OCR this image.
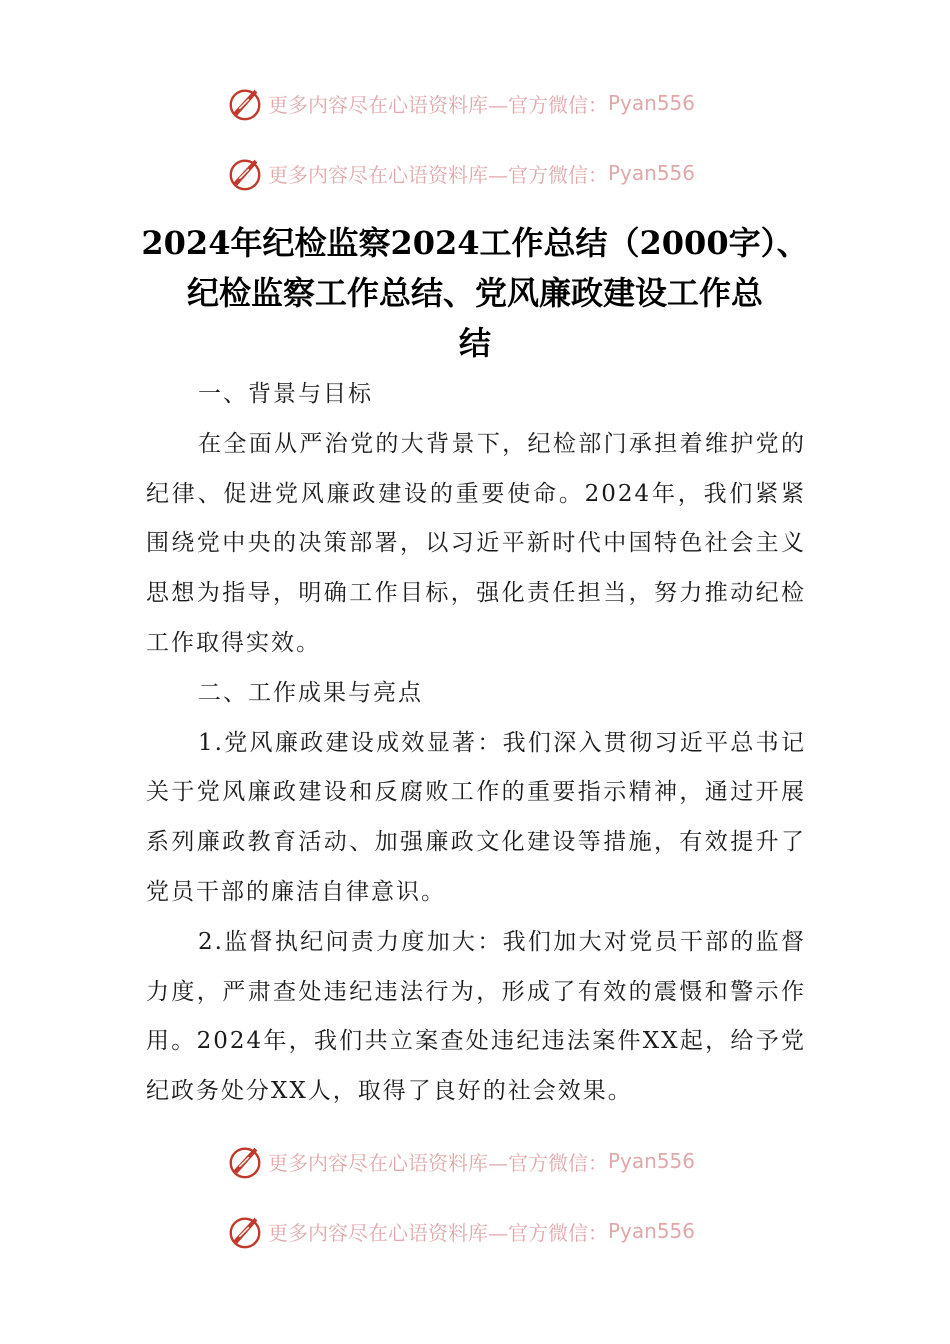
更多内容尽在心语资料库—官方微信： Pyan556
更多内容尽在心语资料库—官方微信： Pyan556
2024年纪检监察2024工作总结（2000字）、
纪检监察工作总结、党风廉政建设工作总
结

一、背景与目标

在全面从严治党的大背景下，纪检部门承担着维护党的纪律、促进党风廉政建设的重要使命。2024年，我们紧紧围绕党中央的决策部署，以习近平新时代中国特色社会主义思想为指导，明确工作目标，强化责任担当，努力推动纪检工作取得实效。

二、工作成果与亮点

1.党风廉政建设成效显著：我们深入贯彻习近平总书记关于党风廉政建设和反腐败工作的重要指示精神，通过开展系列廉政教育活动、加强廉政文化建设等措施，有效提升了党员干部的廉洁自律意识。

2.监督执纪问责力度加大：我们加大对党员干部的监督力度，严肃查处违纪违法行为，形成了有效的震慑和警示作用。2024年，我们共立案查处违纪违法案件XX起，给予党纪政务处分XX人，取得了良好的社会效果。

更多内容尽在心语资料库—官方微信： Pyan556
更多内容尽在心语资料库—官方微信： Pyan556
